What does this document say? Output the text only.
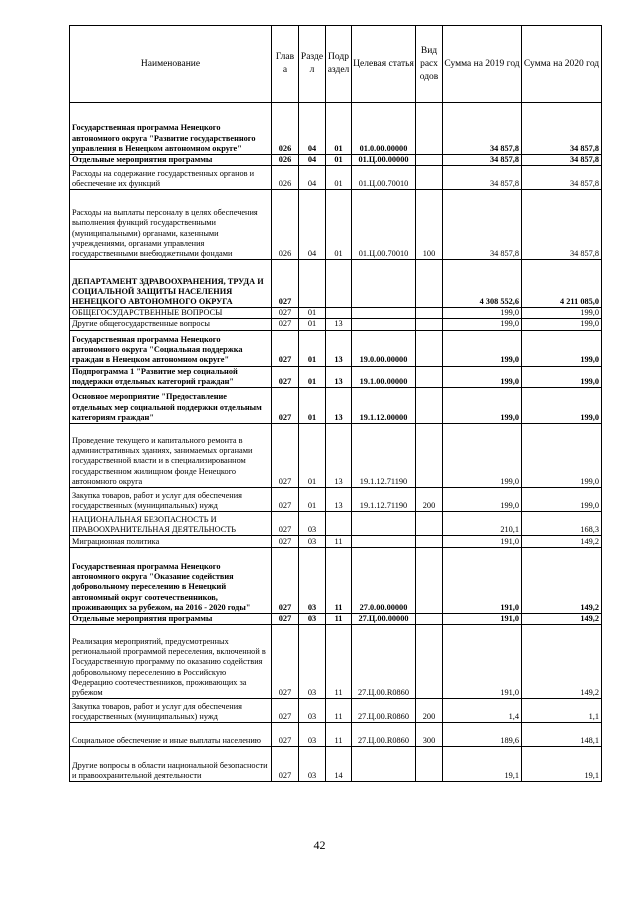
Наименование	Глав а	Разде л	Подр аздел	Целевая статья	Вид расх одов	Сумма на 2019 год	Сумма на 2020 год
Государственная программа Ненецкого автономного округа "Развитие государственного управления в Ненецком автономном округе"	026	04	01	01.0.00.00000		34 857,8	34 857,8
Отдельные мероприятия программы	026	04	01	01.Ц.00.00000		34 857,8	34 857,8
Расходы на содержание государственных органов и обеспечение их функций	026	04	01	01.Ц.00.70010		34 857,8	34 857,8
Расходы на выплаты персоналу в целях обеспечения выполнения функций государственными (муниципальными) органами, казенными учреждениями, органами управления государственными внебюджетными фондами	026	04	01	01.Ц.00.70010	100	34 857,8	34 857,8
ДЕПАРТАМЕНТ ЗДРАВООХРАНЕНИЯ, ТРУДА И СОЦИАЛЬНОЙ ЗАЩИТЫ НАСЕЛЕНИЯ НЕНЕЦКОГО АВТОНОМНОГО ОКРУГА	027					4 308 552,6	4 211 085,0
ОБЩЕГОСУДАРСТВЕННЫЕ ВОПРОСЫ	027	01				199,0	199,0
Другие общегосударственные вопросы	027	01	13			199,0	199,0
Государственная программа Ненецкого автономного округа "Социальная поддержка граждан в Ненецком автономном округе"	027	01	13	19.0.00.00000		199,0	199,0
Подпрограмма 1 "Развитие мер социальной поддержки отдельных категорий граждан"	027	01	13	19.1.00.00000		199,0	199,0
Основное мероприятие "Предоставление отдельных мер социальной поддержки отдельным категориям граждан"	027	01	13	19.1.12.00000		199,0	199,0
Проведение текущего и капитального ремонта в административных зданиях, занимаемых органами государственной власти и в специализированном государственном жилищном фонде Ненецкого автономного округа	027	01	13	19.1.12.71190		199,0	199,0
Закупка товаров, работ и услуг для обеспечения государственных (муниципальных) нужд	027	01	13	19.1.12.71190	200	199,0	199,0
НАЦИОНАЛЬНАЯ БЕЗОПАСНОСТЬ И ПРАВООХРАНИТЕЛЬНАЯ ДЕЯТЕЛЬНОСТЬ	027	03				210,1	168,3
Миграционная политика	027	03	11			191,0	149,2
Государственная программа Ненецкого автономного округа "Оказание содействия добровольному переселению в Ненецкий автономный округ соотечественников, проживающих за рубежом, на 2016 - 2020 годы"	027	03	11	27.0.00.00000		191,0	149,2
Отдельные мероприятия программы	027	03	11	27.Ц.00.00000		191,0	149,2
Реализация мероприятий, предусмотренных региональной программой переселения, включенной в Государственную программу по оказанию содействия добровольному переселению в Российскую Федерацию соотечественников, проживающих за рубежом	027	03	11	27.Ц.00.R0860		191,0	149,2
Закупка товаров, работ и услуг для обеспечения государственных (муниципальных) нужд	027	03	11	27.Ц.00.R0860	200	1,4	1,1
Социальное обеспечение и иные выплаты населению	027	03	11	27.Ц.00.R0860	300	189,6	148,1
Другие вопросы в области национальной безопасности и правоохранительной деятельности	027	03	14			19,1	19,1
42
